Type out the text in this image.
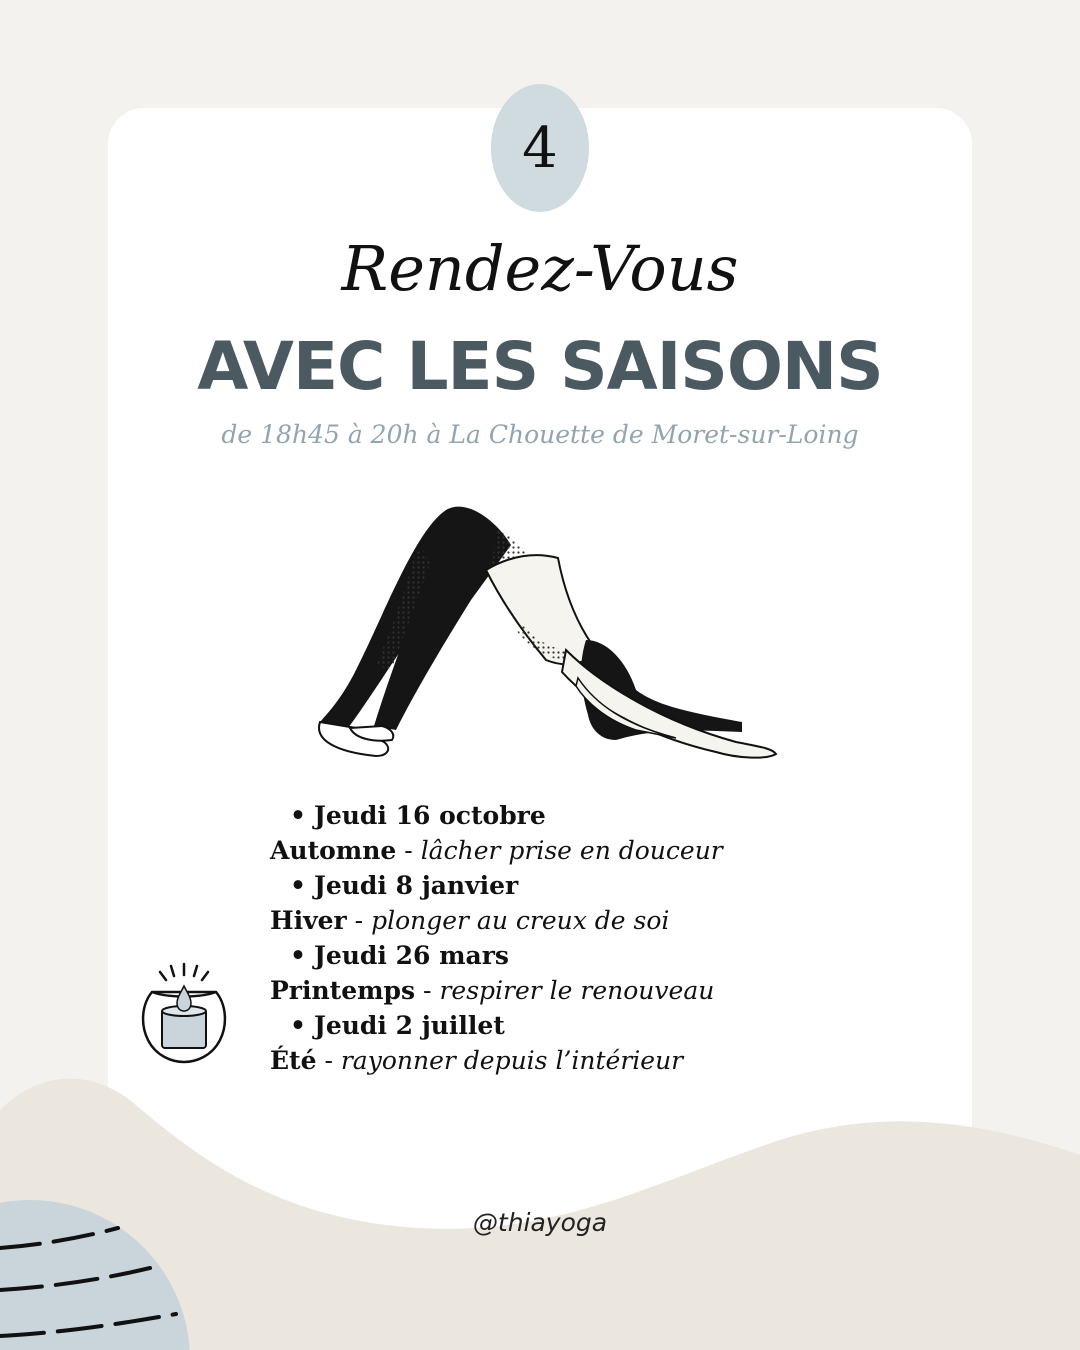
4
Rendez-Vous
AVEC LES SAISONS
de 18h45 à 20h à La Chouette de Moret-sur-Loing
• Jeudi 16 octobre
Automne - lâcher prise en douceur
• Jeudi 8 janvier
Hiver - plonger au creux de soi
• Jeudi 26 mars
Printemps - respirer le renouveau
• Jeudi 2 juillet
Été - rayonner depuis l’intérieur
@thiayoga
